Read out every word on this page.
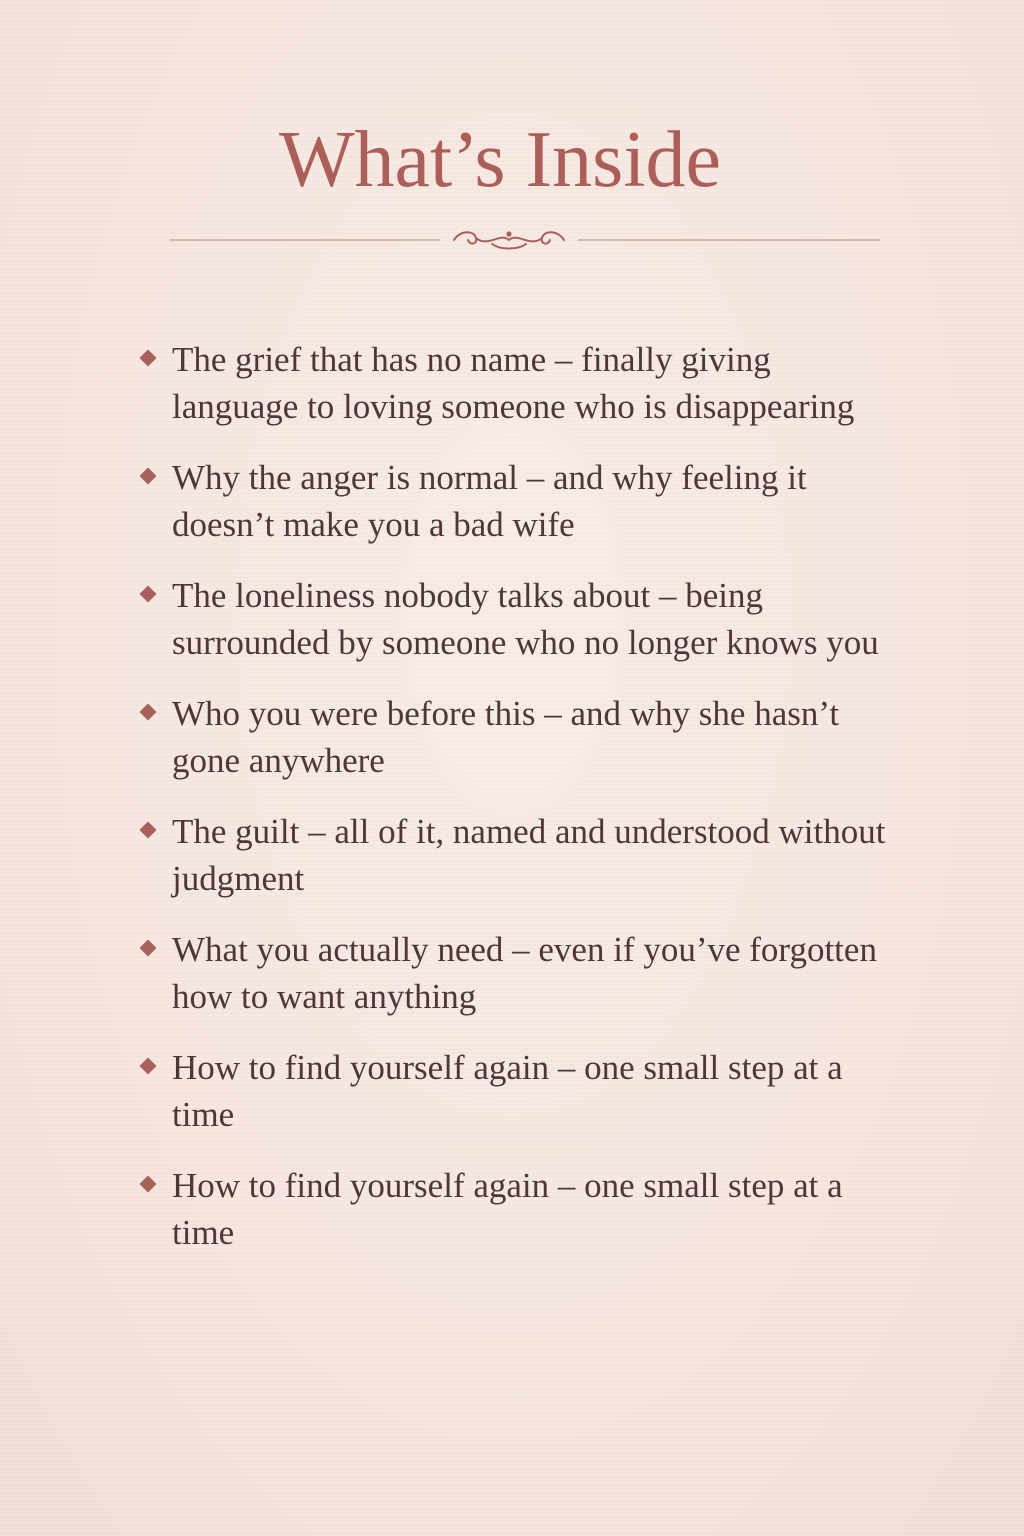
What’s Inside
The grief that has no name – finally giving language to loving someone who is disappearing
Why the anger is normal – and why feeling it doesn’t make you a bad wife
The loneliness nobody talks about – being surrounded by someone who no longer knows you
Who you were before this – and why she hasn’t gone anywhere
The guilt – all of it, named and understood without judgment
What you actually need – even if you’ve forgotten how to want anything
How to find yourself again – one small step at a time
How to find yourself again – one small step at a time
